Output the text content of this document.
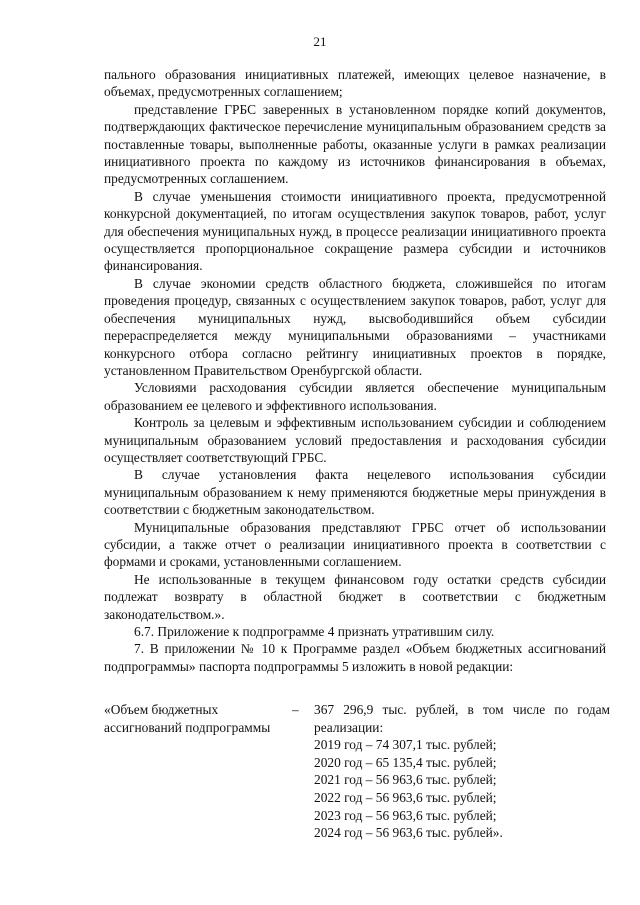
21

пального образования инициативных платежей, имеющих целевое назначение, в объемах, предусмотренных соглашением;

представление ГРБС заверенных в установленном порядке копий документов, подтверждающих фактическое перечисление муниципальным образованием средств за поставленные товары, выполненные работы, оказанные услуги в рамках реализации инициативного проекта по каждому из источников финансирования в объемах, предусмотренных соглашением.

В случае уменьшения стоимости инициативного проекта, предусмотренной конкурсной документацией, по итогам осуществления закупок товаров, работ, услуг для обеспечения муниципальных нужд, в процессе реализации инициативного проекта осуществляется пропорциональное сокращение размера субсидии и источников финансирования.

В случае экономии средств областного бюджета, сложившейся по итогам проведения процедур, связанных с осуществлением закупок товаров, работ, услуг для обеспечения муниципальных нужд, высвободившийся объем субсидии перераспределяется между муниципальными образованиями – участниками конкурсного отбора согласно рейтингу инициативных проектов в порядке, установленном Правительством Оренбургской области.

Условиями расходования субсидии является обеспечение муниципальным образованием ее целевого и эффективного использования.

Контроль за целевым и эффективным использованием субсидии и соблюдением муниципальным образованием условий предоставления и расходования субсидии осуществляет соответствующий ГРБС.

В случае установления факта нецелевого использования субсидии муниципальным образованием к нему применяются бюджетные меры принуждения в соответствии с бюджетным законодательством.

Муниципальные образования представляют ГРБС отчет об использовании субсидии, а также отчет о реализации инициативного проекта в соответствии с формами и сроками, установленными соглашением.

Не использованные в текущем финансовом году остатки средств субсидии подлежат возврату в областной бюджет в соответствии с бюджетным законодательством.».

6.7. Приложение к подпрограмме 4 признать утратившим силу.

7. В приложении № 10 к Программе раздел «Объем бюджетных ассигнований подпрограммы» паспорта подпрограммы 5 изложить в новой редакции:

«Объем бюджетных ассигнований подпрограммы
– 367 296,9 тыс. рублей, в том числе по годам реализации:
2019 год – 74 307,1 тыс. рублей;
2020 год – 65 135,4 тыс. рублей;
2021 год – 56 963,6 тыс. рублей;
2022 год – 56 963,6 тыс. рублей;
2023 год – 56 963,6 тыс. рублей;
2024 год – 56 963,6 тыс. рублей».
